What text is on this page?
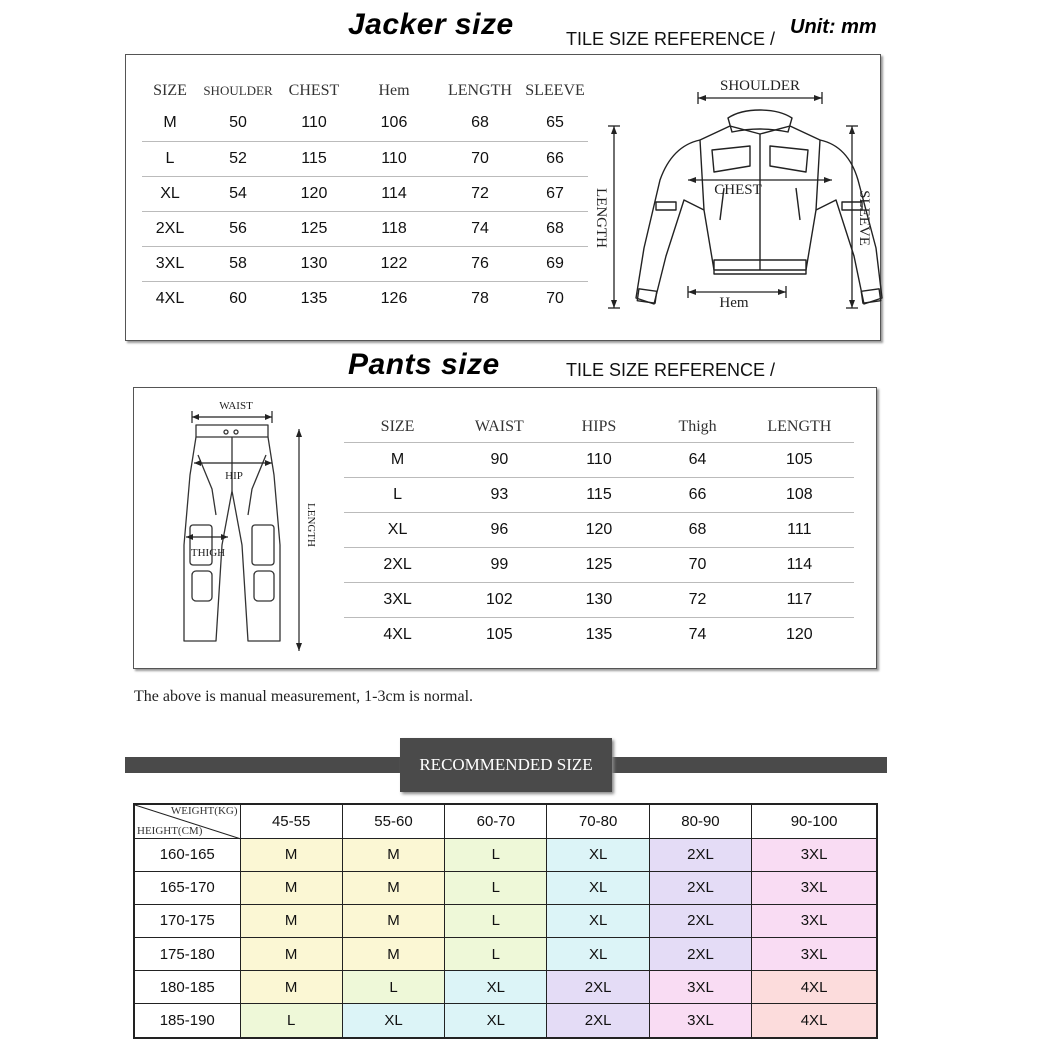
Jacker size	TILE SIZE REFERENCE /
Unit: mm
SIZE	SHOULDER	CHEST	Hem	LENGTH	SLEEVE
M	50	110	106	68	65
L	52	115	110	70	66
XL	54	120	114	72	67
2XL	56	125	118	74	68
3XL	58	130	122	76	69
4XL	60	135	126	78	70
SHOULDER
LENGTH	SLEEVE
CHEST
Hem
Pants size	TILE SIZE REFERENCE /
WAIST
LENGTH
HIP
THIGH
SIZE	WAIST	HIPS	Thigh	LENGTH
M	90	110	64	105
L	93	115	66	108
XL	96	120	68	111
2XL	99	125	70	114
3XL	102	130	72	117
4XL	105	135	74	120
The above is manual measurement, 1-3cm is normal.
RECOMMENDED SIZE
WEIGHT(KG)
HEIGHT(CM)	45-55	55-60	60-70	70-80	80-90	90-100
160-165	M	M	L	XL	2XL	3XL
165-170	M	M	L	XL	2XL	3XL
170-175	M	M	L	XL	2XL	3XL
175-180	M	M	L	XL	2XL	3XL
180-185	M	L	XL	2XL	3XL	4XL
185-190	L	XL	XL	2XL	3XL	4XL
